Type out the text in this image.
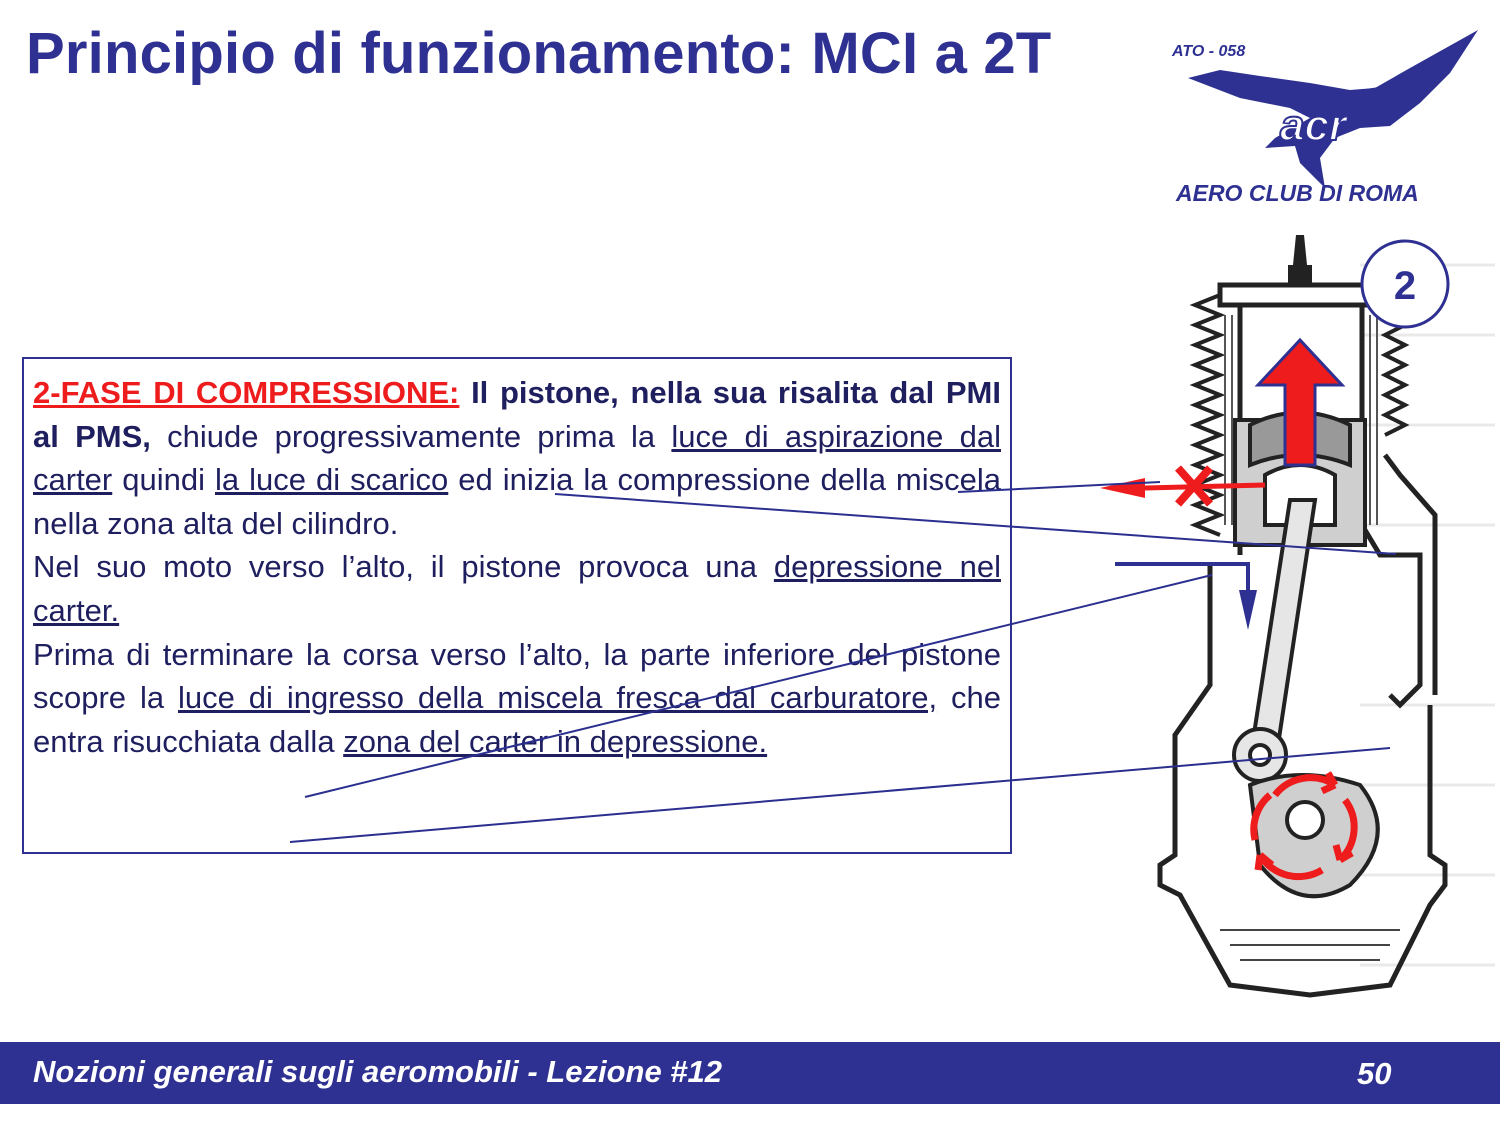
Principio di funzionamento: MCI a 2T	ATO - 058
acr
AERO CLUB DI ROMA

2-FASE DI COMPRESSIONE: Il pistone, nella sua risalita dal PMI al PMS, chiude progressivamente prima la luce di aspirazione dal carter quindi la luce di scarico ed inizia la compressione della miscela nella zona alta del cilindro.

Nel suo moto verso l’alto, il pistone provoca una depressione nel carter.

Prima di terminare la corsa verso l’alto, la parte inferiore del pistone scopre la luce di ingresso della miscela fresca dal carburatore, che entra risucchiata dalla zona del carter in depressione.

2
Nozioni generali sugli aeromobili - Lezione #12	50
